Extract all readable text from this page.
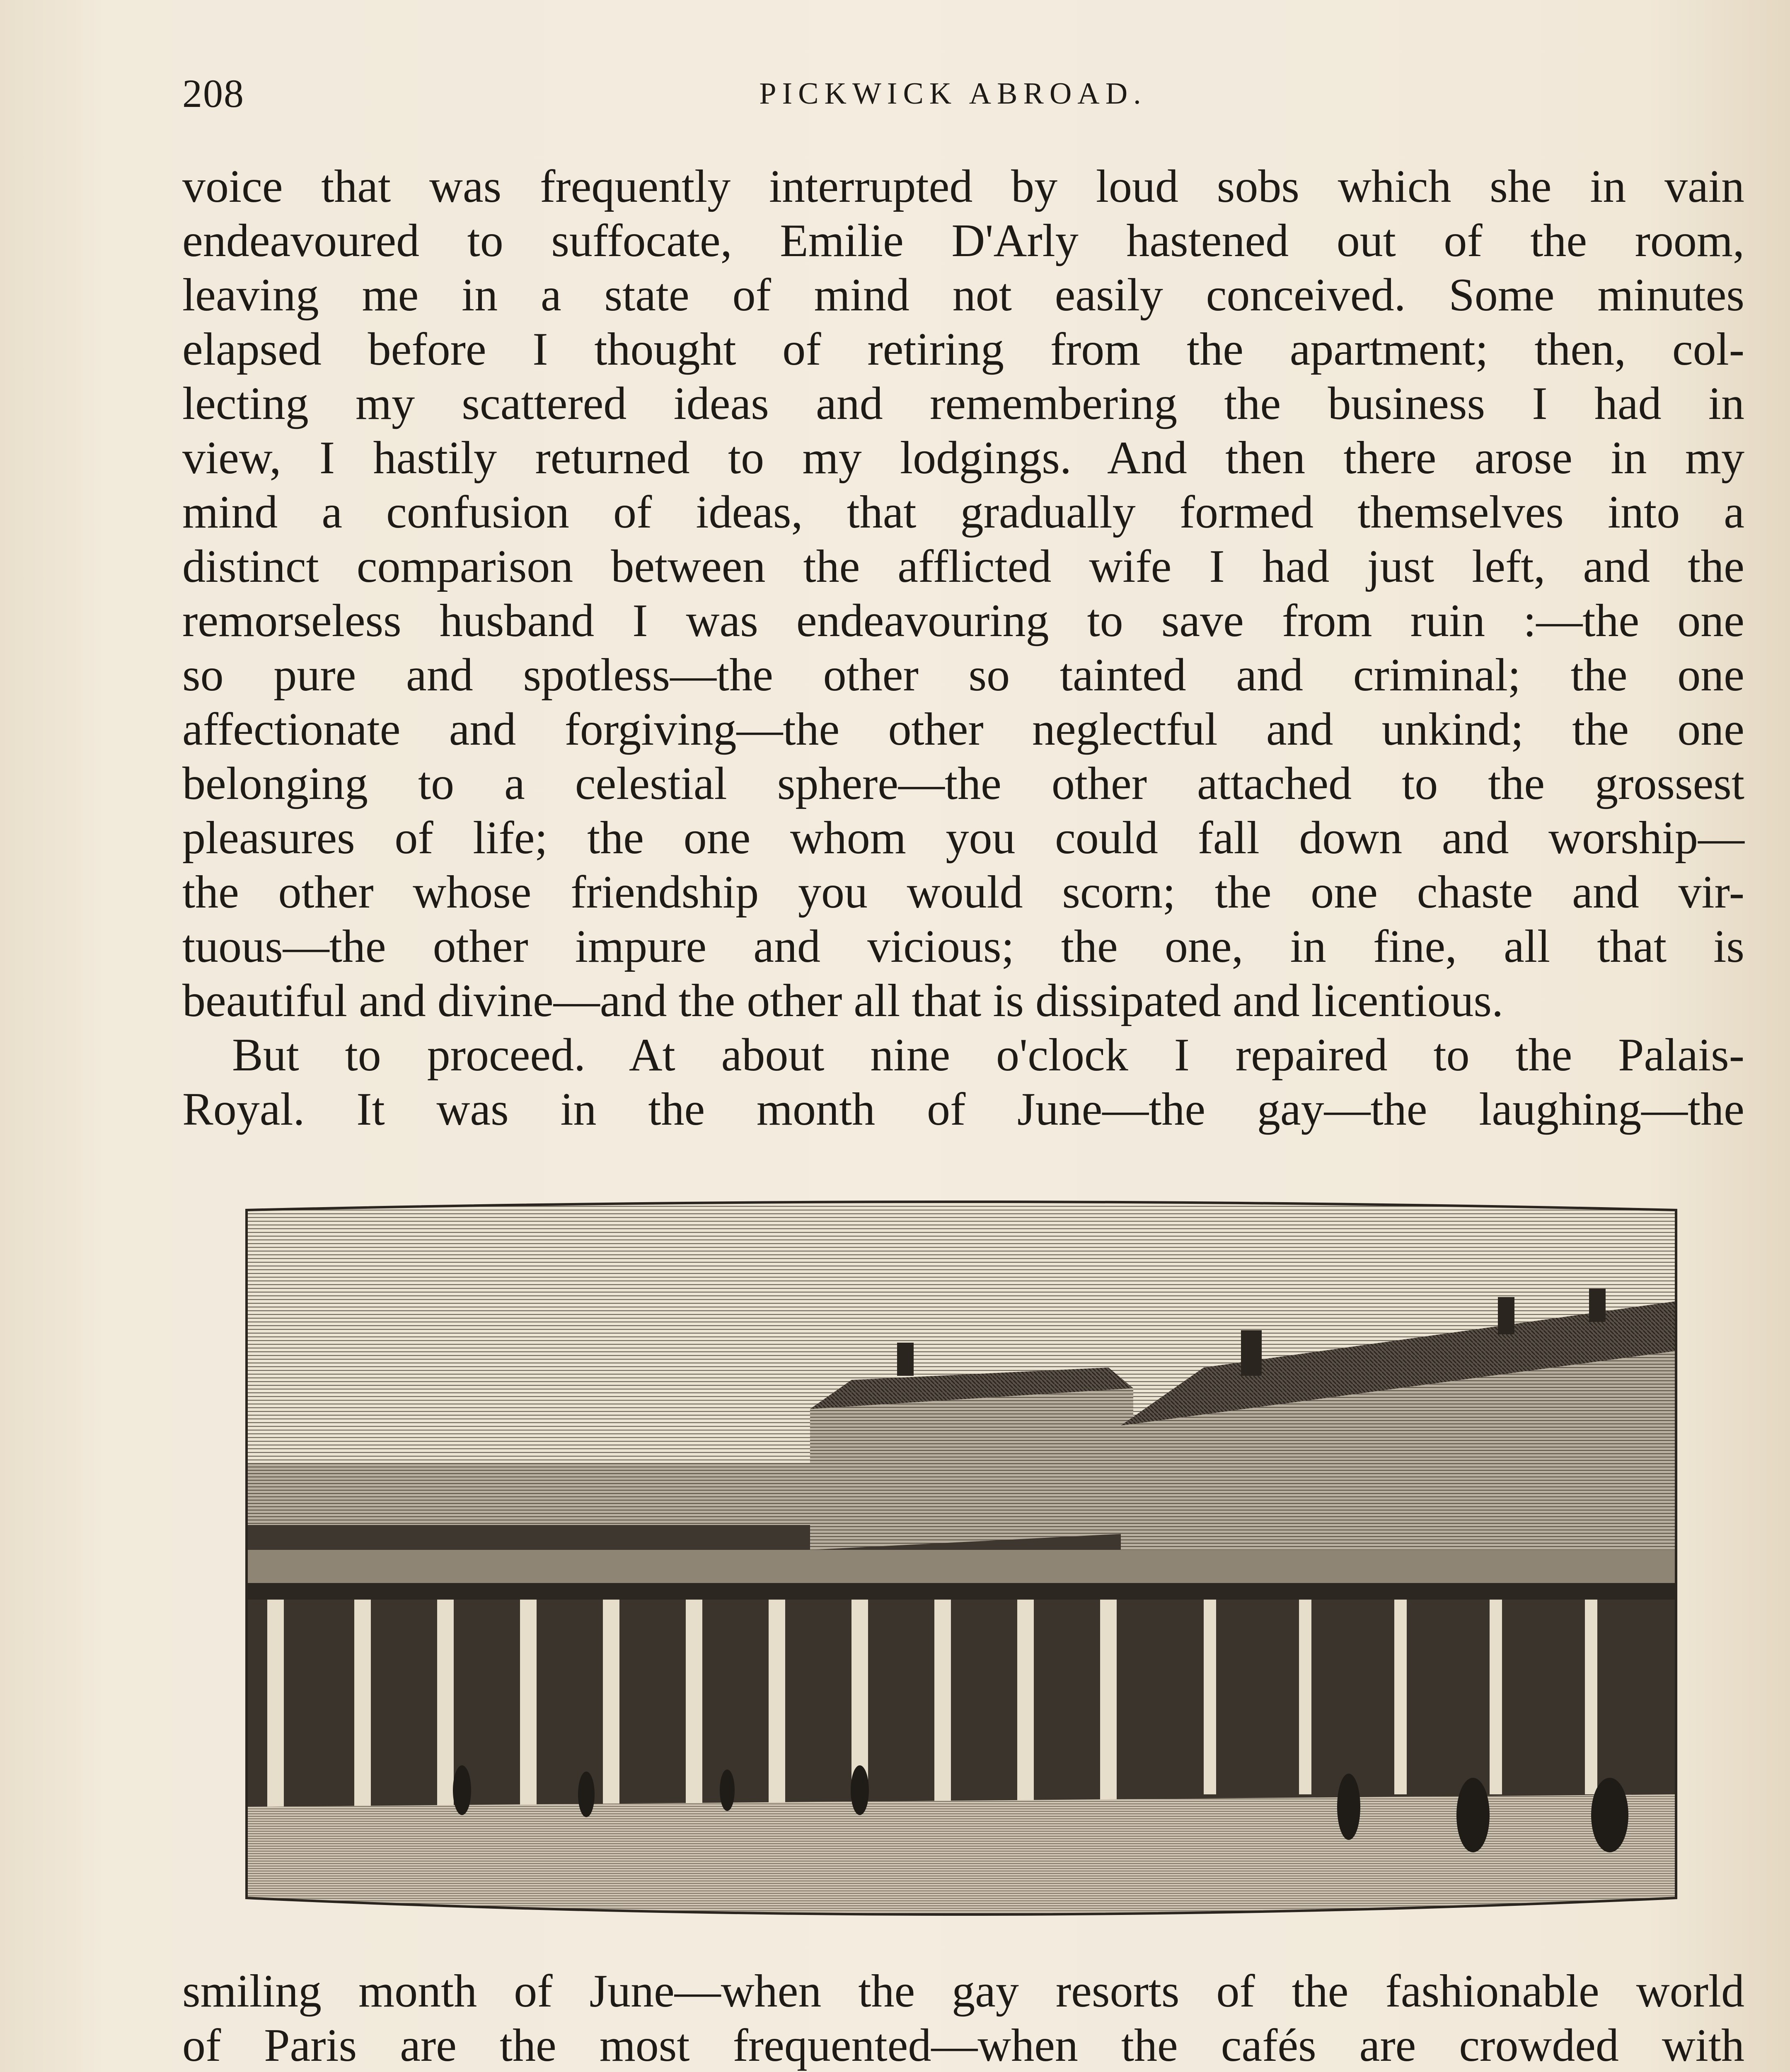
208	PICKWICK ABROAD.
voice that was frequently interrupted by loud sobs which she in vain
endeavoured to suffocate, Emilie D'Arly hastened out of the room,
leaving me in a state of mind not easily conceived. Some minutes
elapsed before I thought of retiring from the apartment; then, col-
lecting my scattered ideas and remembering the business I had in
view, I hastily returned to my lodgings. And then there arose in my
mind a confusion of ideas, that gradually formed themselves into a
distinct comparison between the afflicted wife I had just left, and the
remorseless husband I was endeavouring to save from ruin :—the one
so pure and spotless—the other so tainted and criminal; the one
affectionate and forgiving—the other neglectful and unkind; the one
belonging to a celestial sphere—the other attached to the grossest
pleasures of life; the one whom you could fall down and worship—
the other whose friendship you would scorn; the one chaste and vir-
tuous—the other impure and vicious; the one, in fine, all that is
beautiful and divine—and the other all that is dissipated and licentious.
But to proceed. At about nine o'clock I repaired to the Palais-
Royal. It was in the month of June—the gay—the laughing—the
smiling month of June—when the gay resorts of the fashionable world
of Paris are the most frequented—when the cafés are crowded with
